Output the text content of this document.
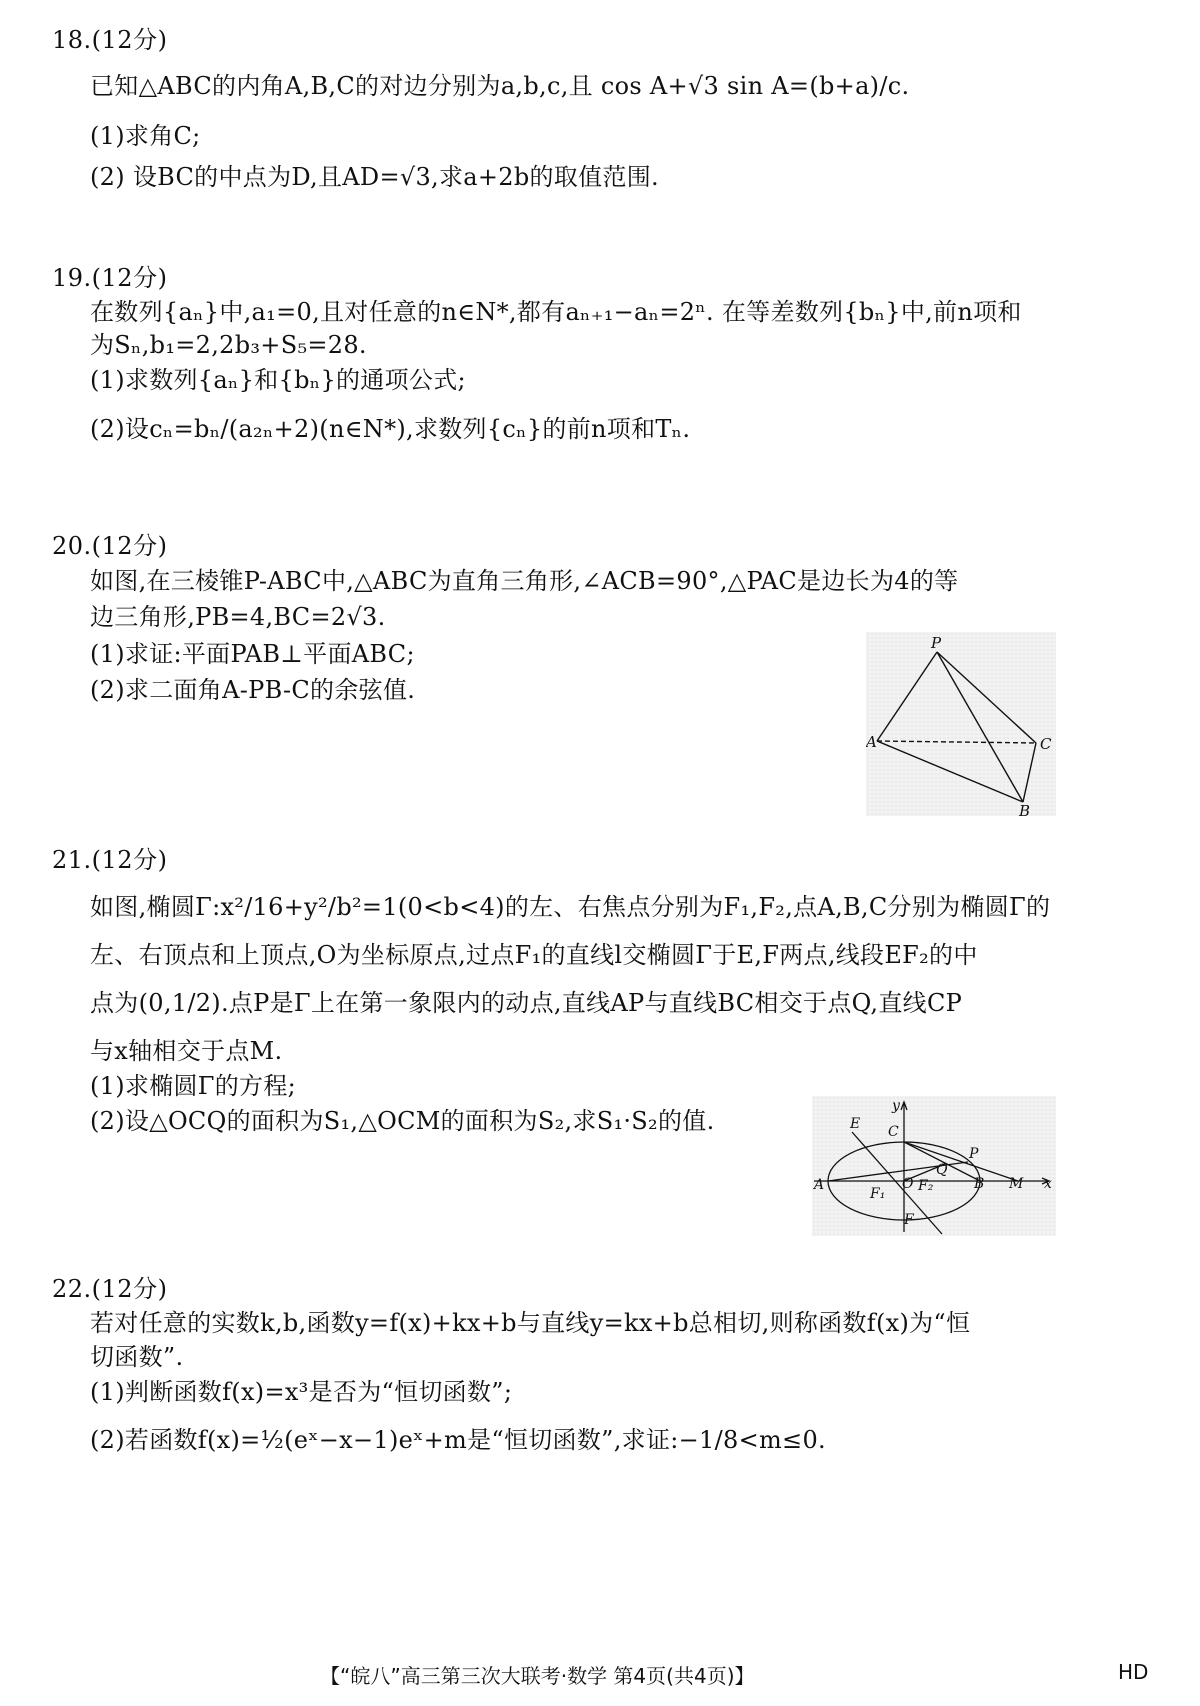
18.(12分)
已知△ABC的内角A,B,C的对边分别为a,b,c,且 cos A+√3 sin A=(b+a)/c.
(1)求角C;
(2) 设BC的中点为D,且AD=√3,求a+2b的取值范围.
19.(12分)
在数列{aₙ}中,a₁=0,且对任意的n∈N*,都有aₙ₊₁−aₙ=2ⁿ. 在等差数列{bₙ}中,前n项和
为Sₙ,b₁=2,2b₃+S₅=28.
(1)求数列{aₙ}和{bₙ}的通项公式;
(2)设cₙ=bₙ/(a₂ₙ+2)(n∈N*),求数列{cₙ}的前n项和Tₙ.
20.(12分)
如图,在三棱锥P-ABC中,△ABC为直角三角形,∠ACB=90°,△PAC是边长为4的等
边三角形,PB=4,BC=2√3.
(1)求证:平面PAB⊥平面ABC;
(2)求二面角A-PB-C的余弦值.
P
A	C
B
21.(12分)
如图,椭圆Γ:x²/16+y²/b²=1(0<b<4)的左、右焦点分别为F₁,F₂,点A,B,C分别为椭圆Γ的
左、右顶点和上顶点,O为坐标原点,过点F₁的直线l交椭圆Γ于E,F两点,线段EF₂的中
点为(0,1/2).点P是Γ上在第一象限内的动点,直线AP与直线BC相交于点Q,直线CP
与x轴相交于点M.
(1)求椭圆Γ的方程;
(2)设△OCQ的面积为S₁,△OCM的面积为S₂,求S₁·S₂的值.
y
x
E C
P
Q
A	O F₂	B M
F₁
F
22.(12分)
若对任意的实数k,b,函数y=f(x)+kx+b与直线y=kx+b总相切,则称函数f(x)为“恒
切函数”.
(1)判断函数f(x)=x³是否为“恒切函数”;
(2)若函数f(x)=½(eˣ−x−1)eˣ+m是“恒切函数”,求证:−1/8<m≤0.
【“皖八”高三第三次大联考·数学 第4页(共4页)】	HD
